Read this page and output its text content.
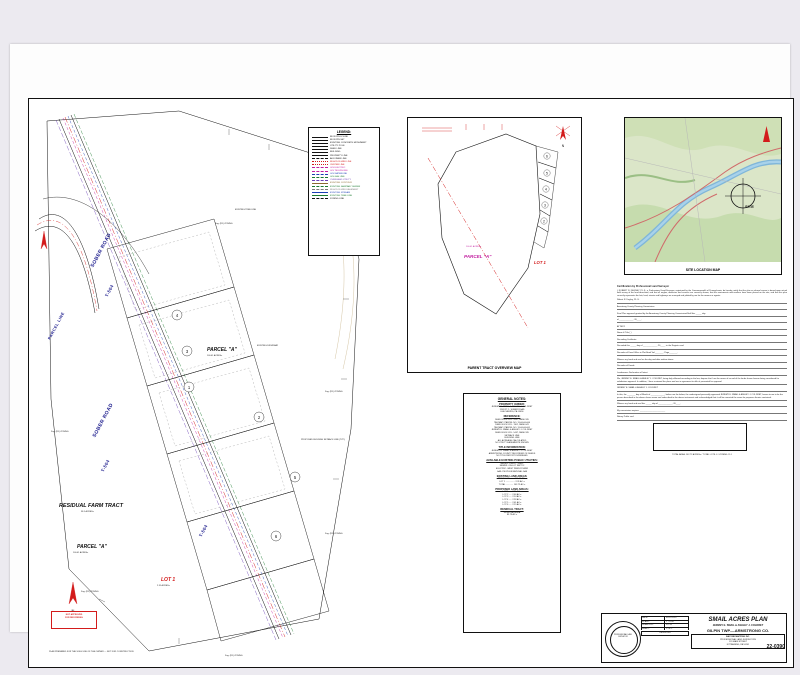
1
2
3
4
5
6
N
SOBER ROAD
T-504
SOBER ROAD
T-504
PARCEL LINE
T-504
PARCEL "A"
100.41 ACRES±
PARCEL "A"
100.41 ACRES±
RESIDUAL FARM TRACT
98.1 ACRES±
LOT 1
2.31 ACRES±
Zng. (R1) ZONING
Zng. (R1) ZONING
Zng. (R1) ZONING
Zng. (R1) ZONING
Zng. (R1) ZONING
Zng. (R1) ZONING
EXISTING TREE LINE
PROPOSED BUILDING SETBACK LINE (TYP.)
EXISTING DRIVEWAY
PLAN PREPARED FOR THE SOLE USE OF THE OWNER — NOT FOR CONSTRUCTION
NOT APPROVED
FOR RECORDING
LEGEND:
IRON PIN FOUND
IRON PIN SET
EXISTING CONCRETE MONUMENT
UTILITY POLE
DEED LINE
BUILDING
PROPERTY LINE
ADJOINER LINE
RIGHT-OF-WAY LINE
CENTER LINE
U/G ELECTRIC
U/G TELEPHONE
U/G WATERLINE
U/G GAS LINE
OVERHEAD UTILITY
EXISTING CONTOUR
EXISTING SANITARY SEWER
RIGHT-OF-WAY EASEMENT
EXISTING STREAM
EXISTING TREE LINE
ZONING LINE
6
5
4
3
2
N
100.41 ACRES±
PARCEL "A"
LOT 1
PARENT TRACT OVERVIEW MAP
SITE
SITE LOCATION MAP
GENERAL NOTES:
PROPERTY OWNER:
JEREMY E. SMAIL & ASHLEY J. COLDRET
1191 RT. 1, SOBER ROAD
LEECHBURG, PA 15656
REFERENCE:
DEED BOOK VOL. 1447, PAGE 185
TAX MAP / PARCEL NO. 15-00-00-000
DEED BOOK VOL. 1102, PAGE 441
TAX MAP / PARCEL NO. 15-00-00-001
JEREMY E. SMAIL & ASHLEY J. COLDRET
DEED BOOK VOL. 1447, PAGE 185
SETBACK LINE
BUILDING LINE
ALL ACREAGE CALCULATED
NO UTILITY EASEMENTS KNOWN
TITLE INFORMATION:
JEREMY E. SMAIL & ASHLEY J. COLDRET
ARMSTRONG COUNTY RECORDER OF DEEDS
NO TITLE REPORT FURNISHED
AVAILABLE EXISTING PUBLIC UTILITIES:
WATER: PUBLIC / WELL
SEWER: ON-LOT SEPTIC
ELECTRIC: WEST PENN POWER
GAS: PEOPLES NATURAL GAS
EXISTING LAND AREAS:
PARCEL "A" ....... 100.41 AC.±
LOT 1 ................ 2.31 AC.±
TOTAL ............. 102.72 AC.±
PROPOSED LAND AREAS:
LOT 1 ..... 2.31 AC.±
LOT 2 ..... 2.06 AC.±
LOT 3 ..... 2.14 AC.±
LOT 4 ..... 2.28 AC.±
LOT 5 ..... 2.01 AC.±
LOT 6 ..... 2.19 AC.±
RESIDUAL TRACT:
RESIDUAL AREA
89.73 AC.±
Certification by Professional Land Surveyor
I, ROBERT R. DEGNEY, P.L.S., a Professional Land Surveyor, registered by the Commonwealth of Pennsylvania, do hereby certify that the plan as shown hereon is based upon actual field survey of the land described, and that all angles, distances and courses are correctly shown; that the monuments and markers have been placed on the site, and that this plan correctly represents the lots, land, streets and highways as surveyed and plotted by me for the owners or agents.
Robert R. Degley, P.L.S.
Armstrong County Planning Commission
Final Plan approval granted by the Armstrong County Planning Commission/Staff this _____ day
of ____________, 20____.
ATTEST:
Name & Title ( )
Recording Certificate
Recorded this _____ day of ____________, 20____, in the Register and
Recorder of Deed Office in Plat Book Vol._______, Page_______.
Witness my hand and seal on the day and date written above.
Recorder of Deeds
Landowners Declaration of Intent
We, JEREMY E. SMAIL & ASHLEY J. COLDRET, being duly affirmed according to the law, depose that I am the owner of record of the lands shown hereon being considered for subdivision approval. In addition, I have reviewed the plans and am in agreement to offer it presented for approval.
JEREMY E. SMAIL & ASHLEY J. COLDRET
In this, the _______ day of Month of ____________, before me the below, the undersigned personally appeared JEREMY E. SMAIL & ASHLEY J. COLDRET, known to me to be the person described in the above shown name and subscribed to the above instrument and acknowledged that it will be executed the same for purposes therein contained.
Witness my hand and seal this _____ day of ____________, 20____.
My commission expires: ______________________
Notary Public seal
TOTAL AREA: 102.72 ACRES± / TOTAL LOTS: 6 / ZONING: R-1
PROFESSIONAL LAND SURVEYOR
DATE:	09-15-2022
SCALE:	1" = 100'
DRAWN BY:	R.C.H.
SHEET:	1 OF 1
REVISIONS
SMAIL ACRES PLAN
JEREMY E. SMAIL & ASHLEY J. COLDRET
GILPIN TWP.—ARMSTRONG CO.
BAYONE MAPPING INC.
PROFESSIONAL LAND SURVEYORS
123 MAIN STREET
KITTANNING, PA 16201	22-0390
